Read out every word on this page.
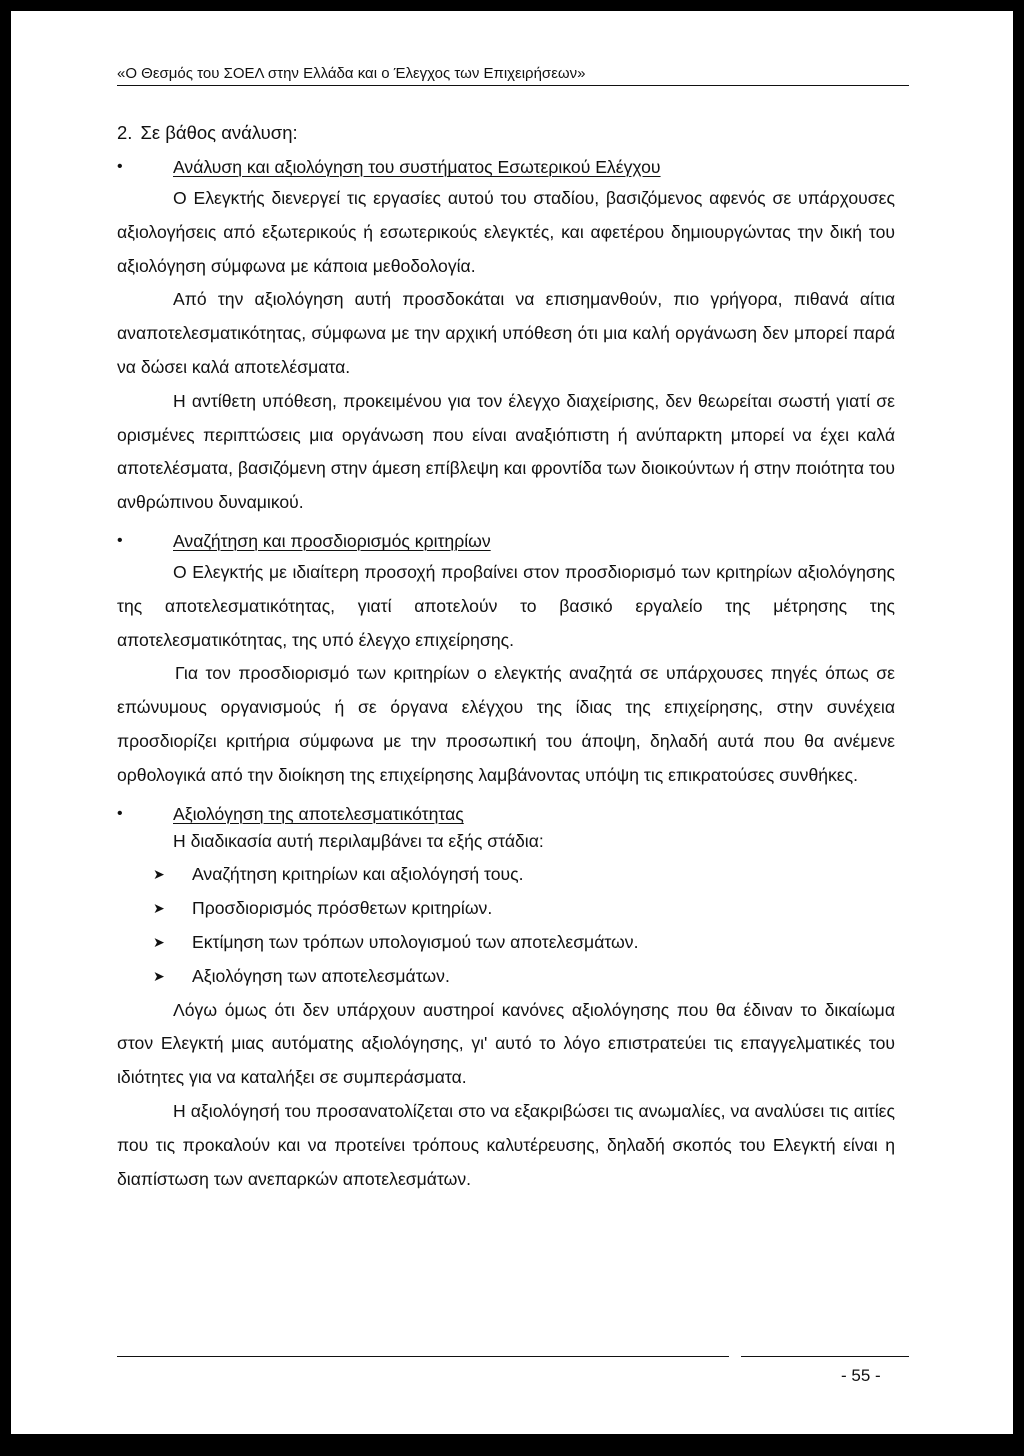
«Ο Θεσμός του ΣΟΕΛ στην Ελλάδα και ο Έλεγχος των Επιχειρήσεων»
2. Σε βάθος ανάλυση:
• Ανάλυση και αξιολόγηση του συστήματος Εσωτερικού Ελέγχου

Ο Ελεγκτής διενεργεί τις εργασίες αυτού του σταδίου, βασιζόμενος αφενός σε υπάρχουσες αξιολογήσεις από εξωτερικούς ή εσωτερικούς ελεγκτές, και αφετέρου δημιουργώντας την δική του αξιολόγηση σύμφωνα με κάποια μεθοδολογία.

Από την αξιολόγηση αυτή προσδοκάται να επισημανθούν, πιο γρήγορα, πιθανά αίτια αναποτελεσματικότητας, σύμφωνα με την αρχική υπόθεση ότι μια καλή οργάνωση δεν μπορεί παρά να δώσει καλά αποτελέσματα.

Η αντίθετη υπόθεση, προκειμένου για τον έλεγχο διαχείρισης, δεν θεωρείται σωστή γιατί σε ορισμένες περιπτώσεις μια οργάνωση που είναι αναξιόπιστη ή ανύπαρκτη μπορεί να έχει καλά αποτελέσματα, βασιζόμενη στην άμεση επίβλεψη και φροντίδα των διοικούντων ή στην ποιότητα του ανθρώπινου δυναμικού.

• Αναζήτηση και προσδιορισμός κριτηρίων

Ο Ελεγκτής με ιδιαίτερη προσοχή προβαίνει στον προσδιορισμό των κριτηρίων αξιολόγησης της αποτελεσματικότητας, γιατί αποτελούν το βασικό εργαλείο της μέτρησης της αποτελεσματικότητας, της υπό έλεγχο επιχείρησης.

Για τον προσδιορισμό των κριτηρίων ο ελεγκτής αναζητά σε υπάρχουσες πηγές όπως σε επώνυμους οργανισμούς ή σε όργανα ελέγχου της ίδιας της επιχείρησης, στην συνέχεια προσδιορίζει κριτήρια σύμφωνα με την προσωπική του άποψη, δηλαδή αυτά που θα ανέμενε ορθολογικά από την διοίκηση της επιχείρησης λαμβάνοντας υπόψη τις επικρατούσες συνθήκες.

• Αξιολόγηση της αποτελεσματικότητας
Η διαδικασία αυτή περιλαμβάνει τα εξής στάδια:
➤ Αναζήτηση κριτηρίων και αξιολόγησή τους.
➤ Προσδιορισμός πρόσθετων κριτηρίων.
➤ Εκτίμηση των τρόπων υπολογισμού των αποτελεσμάτων.
➤ Αξιολόγηση των αποτελεσμάτων.

Λόγω όμως ότι δεν υπάρχουν αυστηροί κανόνες αξιολόγησης που θα έδιναν το δικαίωμα στον Ελεγκτή μιας αυτόματης αξιολόγησης, γι' αυτό το λόγο επιστρατεύει τις επαγγελματικές του ιδιότητες για να καταλήξει σε συμπεράσματα.

Η αξιολόγησή του προσανατολίζεται στο να εξακριβώσει τις ανωμαλίες, να αναλύσει τις αιτίες που τις προκαλούν και να προτείνει τρόπους καλυτέρευσης, δηλαδή σκοπός του Ελεγκτή είναι η διαπίστωση των ανεπαρκών αποτελεσμάτων.

- 55 -
